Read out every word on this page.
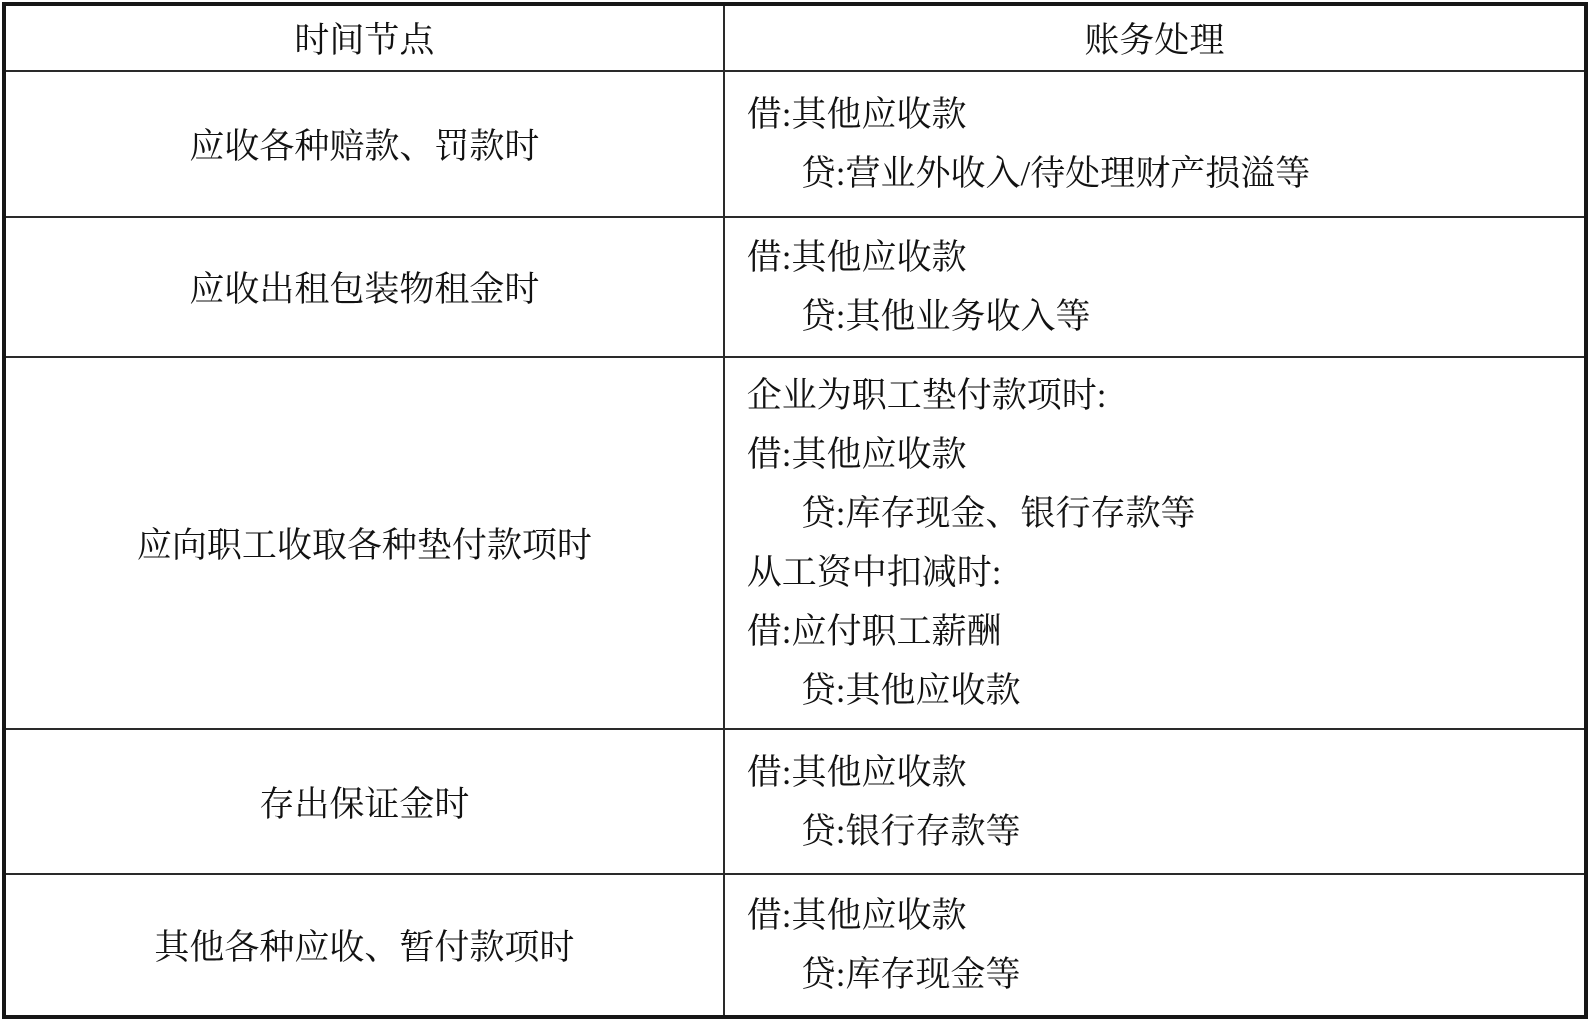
时间节点	账务处理
应收各种赔款、罚款时	借:其他应收款
贷:营业外收入/待处理财产损溢等

应收出租包装物租金时	借:其他应收款
贷:其他业务收入等

应向职工收取各种垫付款项时	
企业为职工垫付款项时:
借:其他应收款
贷:库存现金、银行存款等
从工资中扣减时:
借:应付职工薪酬
贷:其他应收款

存出保证金时	借:其他应收款
贷:银行存款等

其他各种应收、暂付款项时	借:其他应收款
贷:库存现金等
